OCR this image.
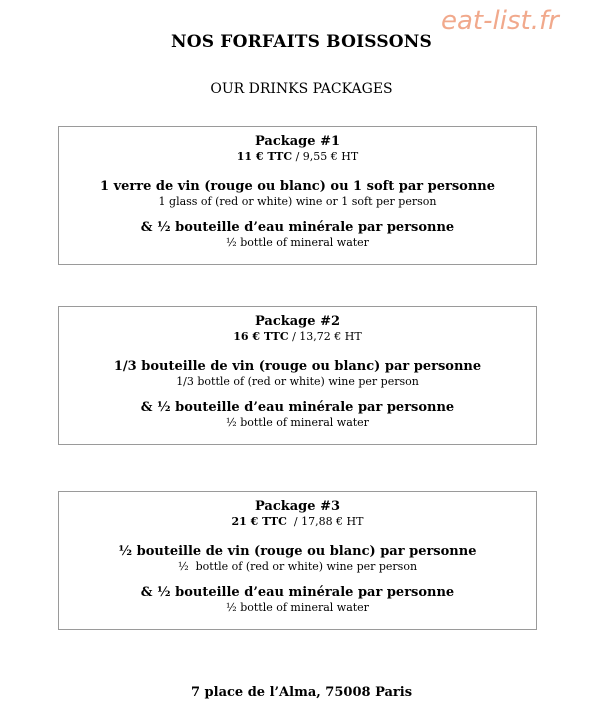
eat-list.fr
NOS FORFAITS BOISSONS
OUR DRINKS PACKAGES
Package #1
11 € TTC / 9,55 € HT
1 verre de vin (rouge ou blanc) ou 1 soft par personne
1 glass of (red or white) wine or 1 soft per person
& ½ bouteille d’eau minérale par personne
½ bottle of mineral water
Package #2
16 € TTC / 13,72 € HT
1/3 bouteille de vin (rouge ou blanc) par personne
1/3 bottle of (red or white) wine per person
& ½ bouteille d’eau minérale par personne
½ bottle of mineral water
Package #3
21 € TTC  / 17,88 € HT
½ bouteille de vin (rouge ou blanc) par personne
½  bottle of (red or white) wine per person
& ½ bouteille d’eau minérale par personne
½ bottle of mineral water
7 place de l’Alma, 75008 Paris
